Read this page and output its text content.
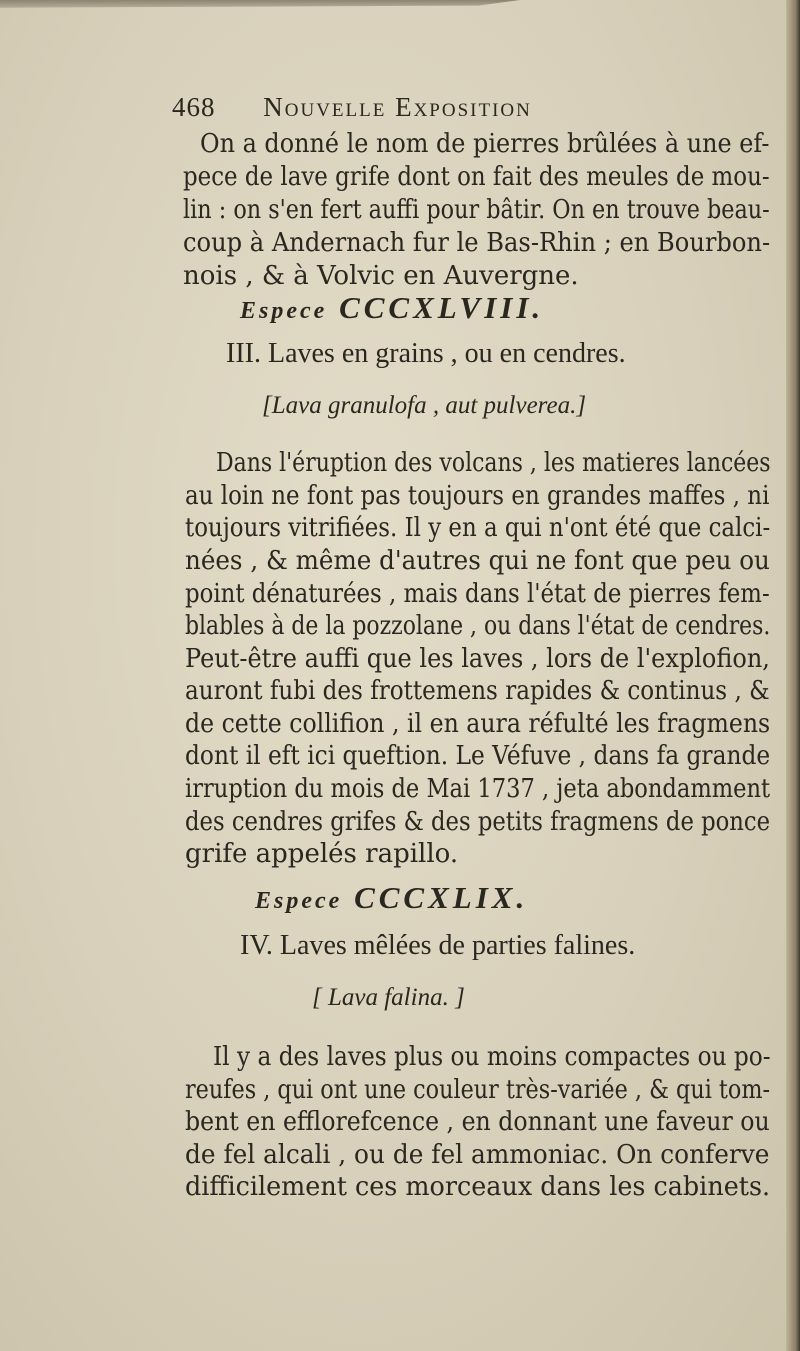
468 Nouvelle Exposition
On a donné le nom de pierres brûlées à une ef-
pece de lave grife dont on fait des meules de mou-
lin : on s'en fert auffi pour bâtir. On en trouve beau-
coup à Andernach fur le Bas-Rhin ; en Bourbon-
nois , & à Volvic en Auvergne.
Espece CCCXLVIII.
III. Laves en grains , ou en cendres.
[Lava granulofa , aut pulverea.]
Dans l'éruption des volcans , les matieres lancées
au loin ne font pas toujours en grandes maffes , ni
toujours vitrifiées. Il y en a qui n'ont été que calci-
nées , & même d'autres qui ne font que peu ou
point dénaturées , mais dans l'état de pierres fem-
blables à de la pozzolane , ou dans l'état de cendres.
Peut-être auffi que les laves , lors de l'explofion,
auront fubi des frottemens rapides & continus , &
de cette collifion , il en aura réfulté les fragmens
dont il eft ici queftion. Le Véfuve , dans fa grande
irruption du mois de Mai 1737 , jeta abondamment
des cendres grifes & des petits fragmens de ponce
grife appelés rapillo.
Espece CCCXLIX.
IV. Laves mêlées de parties falines.
[ Lava falina. ]
Il y a des laves plus ou moins compactes ou po-
reufes , qui ont une couleur très-variée , & qui tom-
bent en efflorefcence , en donnant une faveur ou
de fel alcali , ou de fel ammoniac. On conferve
difficilement ces morceaux dans les cabinets.
